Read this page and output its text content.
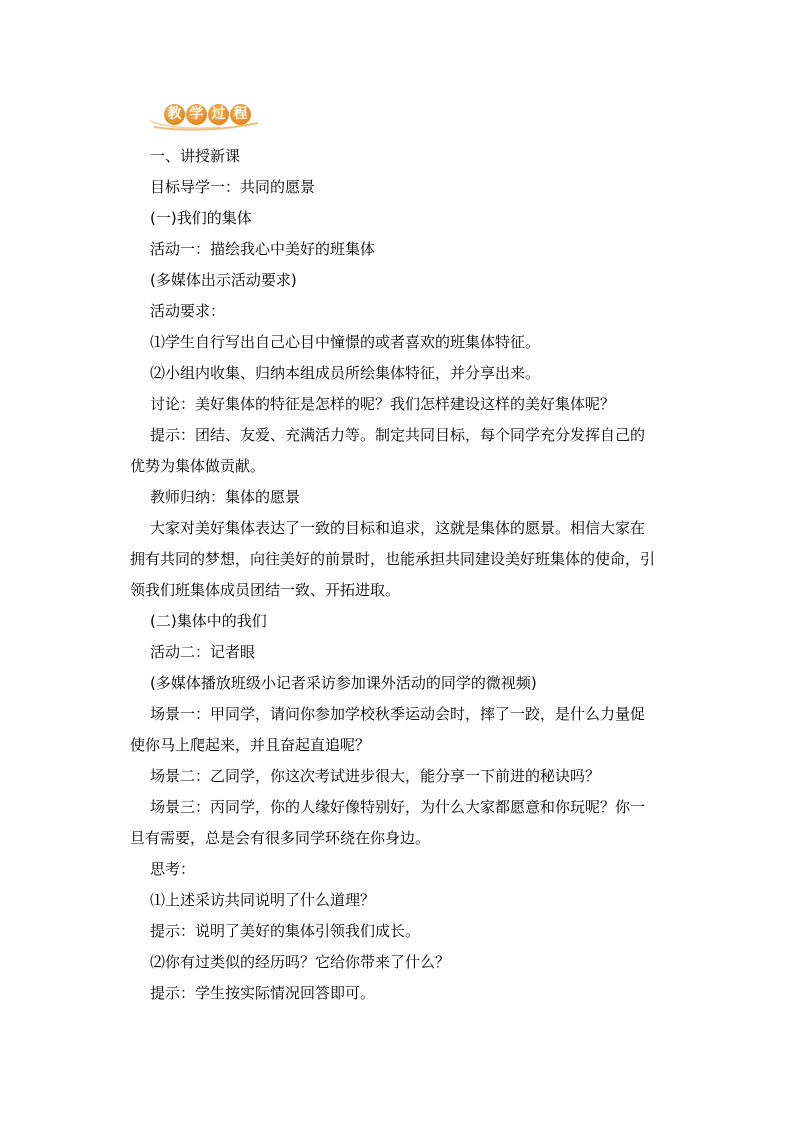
教 学 过 程

一、讲授新课

目标导学一：共同的愿景

(一)我们的集体

活动一：描绘我心中美好的班集体

(多媒体出示活动要求)

活动要求：

⑴学生自行写出自己心目中憧憬的或者喜欢的班集体特征。

⑵小组内收集、归纳本组成员所绘集体特征，并分享出来。

讨论：美好集体的特征是怎样的呢？我们怎样建设这样的美好集体呢？

提示：团结、友爱、充满活力等。制定共同目标，每个同学充分发挥自己的

优势为集体做贡献。

教师归纳：集体的愿景

大家对美好集体表达了一致的目标和追求，这就是集体的愿景。相信大家在

拥有共同的梦想，向往美好的前景时，也能承担共同建设美好班集体的使命，引

领我们班集体成员团结一致、开拓进取。

(二)集体中的我们

活动二：记者眼

(多媒体播放班级小记者采访参加课外活动的同学的微视频)

场景一：甲同学，请问你参加学校秋季运动会时，摔了一跤，是什么力量促

使你马上爬起来，并且奋起直追呢？

场景二：乙同学，你这次考试进步很大，能分享一下前进的秘诀吗？

场景三：丙同学，你的人缘好像特别好，为什么大家都愿意和你玩呢？你一

旦有需要，总是会有很多同学环绕在你身边。

思考：

⑴上述采访共同说明了什么道理？

提示：说明了美好的集体引领我们成长。

⑵你有过类似的经历吗？它给你带来了什么？

提示：学生按实际情况回答即可。
